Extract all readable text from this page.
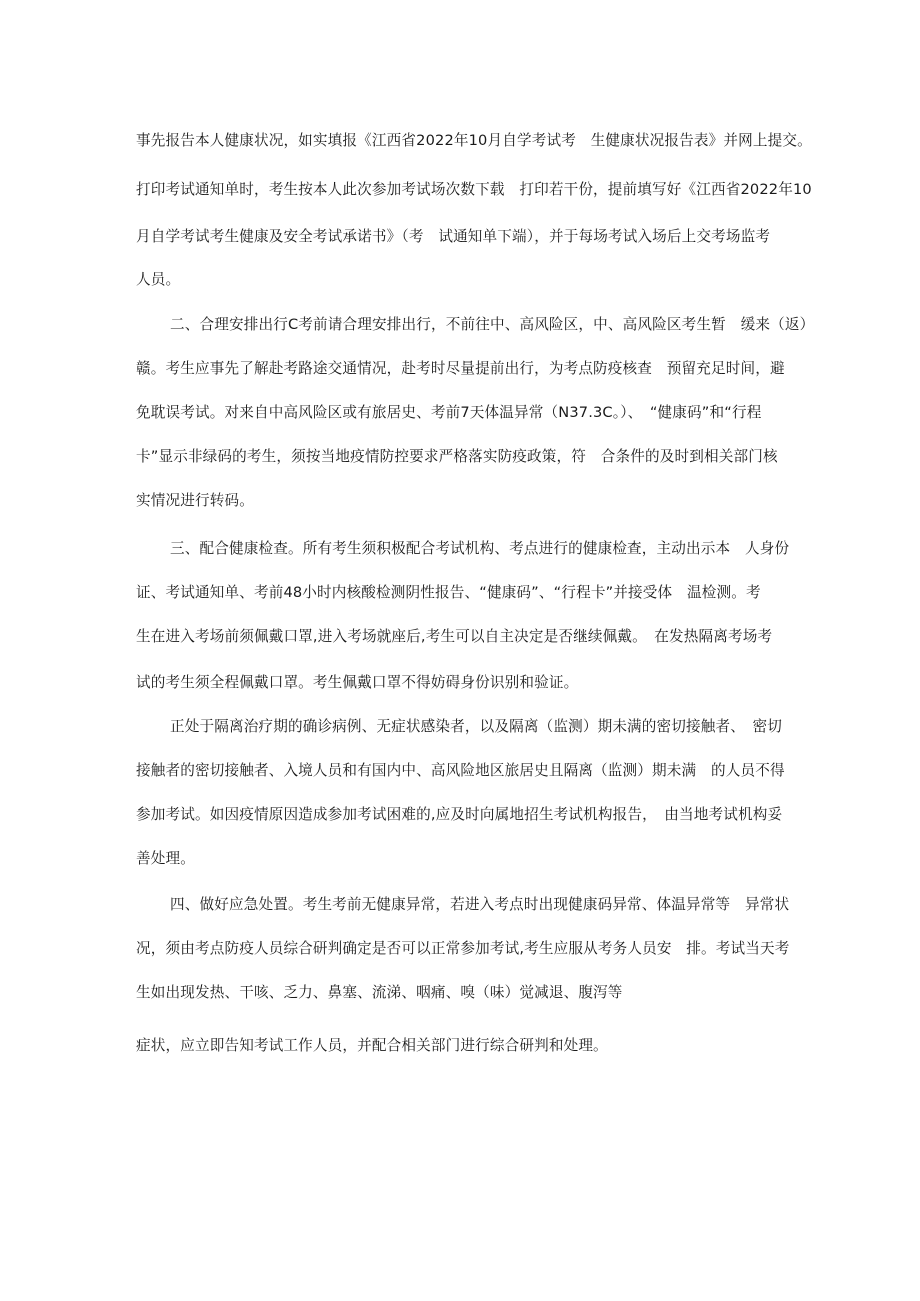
事先报告本人健康状况，如实填报《江西省2022年10月自学考试考　生健康状况报告表》并网上提交。
打印考试通知单时，考生按本人此次参加考试场次数下载　打印若干份，提前填写好《江西省2022年10
月自学考试考生健康及安全考试承诺书》（考　试通知单下端），并于每场考试入场后上交考场监考
人员。
二、合理安排出行C考前请合理安排出行，不前往中、高风险区，中、高风险区考生暂　缓来（返）
赣。考生应事先了解赴考路途交通情况，赴考时尽量提前出行，为考点防疫核查　预留充足时间，避
免耽误考试。对来自中高风险区或有旅居史、考前7天体温异常（N37.3C。）、　“健康码”和“行程
卡”显示非绿码的考生，须按当地疫情防控要求严格落实防疫政策，符　合条件的及时到相关部门核
实情况进行转码。
三、配合健康检查。所有考生须积极配合考试机构、考点进行的健康检查，主动出示本　人身份
证、考试通知单、考前48小时内核酸检测阴性报告、“健康码”、“行程卡”并接受体　温检测。考
生在进入考场前须佩戴口罩,进入考场就座后,考生可以自主决定是否继续佩戴。　在发热隔离考场考
试的考生须全程佩戴口罩。考生佩戴口罩不得妨碍身份识别和验证。
正处于隔离治疗期的确诊病例、无症状感染者，以及隔离（监测）期未满的密切接触者、　密切
接触者的密切接触者、入境人员和有国内中、高风险地区旅居史且隔离（监测）期未满　的人员不得
参加考试。如因疫情原因造成参加考试困难的,应及时向属地招生考试机构报告，　由当地考试机构妥
善处理。
四、做好应急处置。考生考前无健康异常，若进入考点时出现健康码异常、体温异常等　异常状
况，须由考点防疫人员综合研判确定是否可以正常参加考试,考生应服从考务人员安　排。考试当天考
生如出现发热、干咳、乏力、鼻塞、流涕、咽痛、嗅（味）觉减退、腹泻等
症状，应立即告知考试工作人员，并配合相关部门进行综合研判和处理。
